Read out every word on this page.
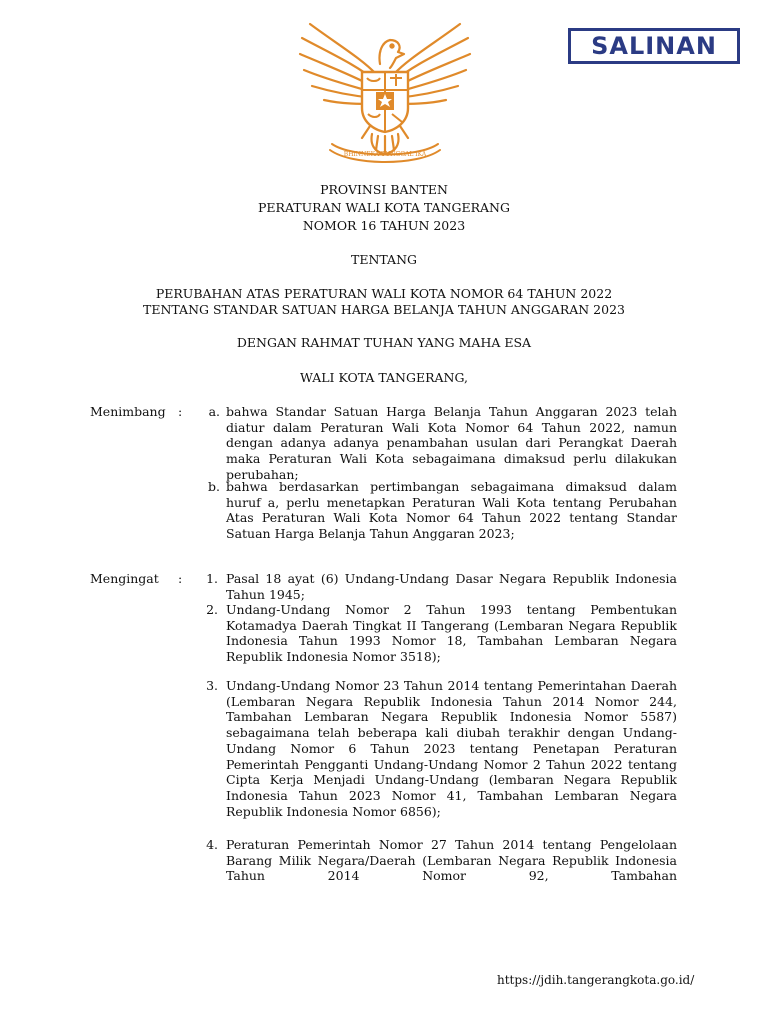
BHINNEKA TUNGGAL IKA
SALINAN
PROVINSI BANTEN
PERATURAN WALI KOTA TANGERANG
NOMOR 16 TAHUN 2023
TENTANG
PERUBAHAN ATAS PERATURAN WALI KOTA NOMOR 64 TAHUN 2022
TENTANG STANDAR SATUAN HARGA BELANJA TAHUN ANGGARAN 2023
DENGAN RAHMAT TUHAN YANG MAHA ESA
WALI KOTA TANGERANG,
Menimbang :	a. bahwa Standar Satuan Harga Belanja Tahun Anggaran 2023 telah diatur dalam Peraturan Wali Kota Nomor 64 Tahun 2022, namun dengan adanya adanya penambahan usulan dari Perangkat Daerah maka Peraturan Wali Kota sebagaimana dimaksud perlu dilakukan perubahan;
b. bahwa berdasarkan pertimbangan sebagaimana dimaksud dalam huruf a, perlu menetapkan Peraturan Wali Kota tentang Perubahan Atas Peraturan Wali Kota Nomor 64 Tahun 2022 tentang Standar Satuan Harga Belanja Tahun Anggaran 2023;
Mengingat :	1. Pasal 18 ayat (6) Undang-Undang Dasar Negara Republik Indonesia Tahun 1945;
2. Undang-Undang Nomor 2 Tahun 1993 tentang Pembentukan Kotamadya Daerah Tingkat II Tangerang (Lembaran Negara Republik Indonesia Tahun 1993 Nomor 18, Tambahan Lembaran Negara Republik Indonesia Nomor 3518);
3. Undang-Undang Nomor 23 Tahun 2014 tentang Pemerintahan Daerah (Lembaran Negara Republik Indonesia Tahun 2014 Nomor 244, Tambahan Lembaran Negara Republik Indonesia Nomor 5587) sebagaimana telah beberapa kali diubah terakhir dengan Undang-Undang Nomor 6 Tahun 2023 tentang Penetapan Peraturan Pemerintah Pengganti Undang-Undang Nomor 2 Tahun 2022 tentang Cipta Kerja Menjadi Undang-Undang (lembaran Negara Republik Indonesia Tahun 2023 Nomor 41, Tambahan Lembaran Negara Republik Indonesia Nomor 6856);
4. Peraturan Pemerintah Nomor 27 Tahun 2014 tentang Pengelolaan Barang Milik Negara/Daerah (Lembaran Negara Republik Indonesia Tahun 2014 Nomor 92, Tambahan
https://jdih.tangerangkota.go.id/
